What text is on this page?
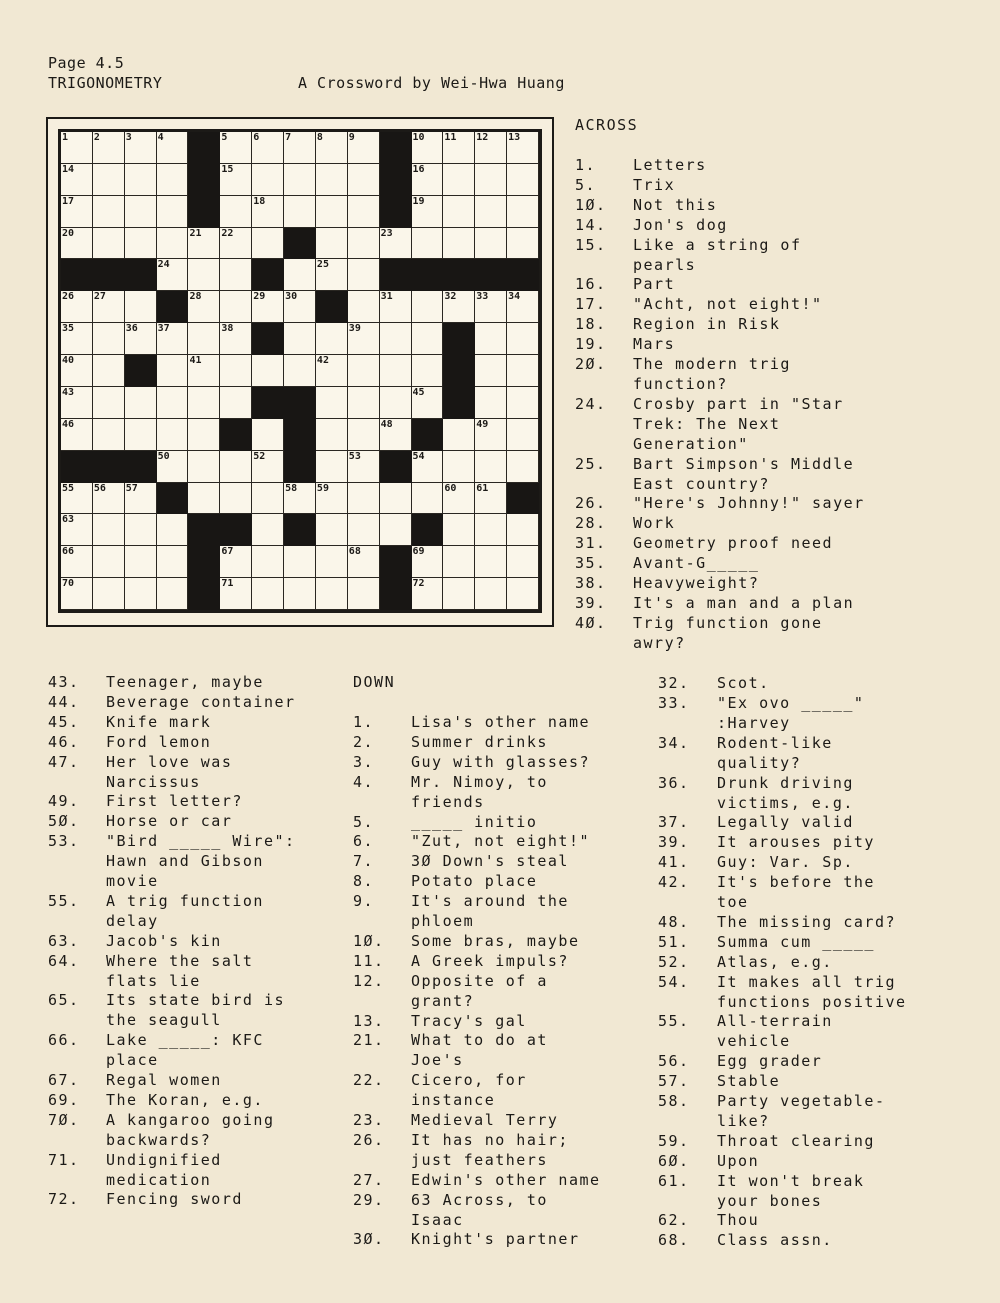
Page 4.5
TRIGONOMETRY	A Crossword by Wei-Hwa Huang
1	2	3	4	5	6	7	8	9	10 11 12 13
14	15	16
17	18	19
20	21 22	23
24	25
26 27	28	29 30	31	32 33 34
35	36 37	38	39
40	41	42
43	45
46	48	49
50	52	53	54
55 56 57	58 59	60 61
63
66	67	68	69
70	71	72
ACROSS
1. Letters
5. Trix
1Ø. Not this
14. Jon's dog
15. Like a string of
pearls
16. Part
17. "Acht, not eight!"
18. Region in Risk
19. Mars
2Ø. The modern trig
function?
24. Crosby part in "Star
Trek: The Next
Generation"
25. Bart Simpson's Middle
East country?
26. "Here's Johnny!" sayer
28. Work
31. Geometry proof need
35. Avant-G_____
38. Heavyweight?
39. It's a man and a plan
4Ø. Trig function gone
awry?
43. Teenager, maybe
44. Beverage container
45. Knife mark
46. Ford lemon
47. Her love was
Narcissus
49. First letter?
5Ø. Horse or car
53. "Bird _____ Wire":
Hawn and Gibson
movie
55. A trig function
delay
63. Jacob's kin
64. Where the salt
flats lie
65. Its state bird is
the seagull
66. Lake _____: KFC
place
67. Regal women
69. The Koran, e.g.
7Ø. A kangaroo going
backwards?
71. Undignified
medication
72. Fencing sword
DOWN
1. Lisa's other name
2. Summer drinks
3. Guy with glasses?
4. Mr. Nimoy, to
friends
5. _____ initio
6. "Zut, not eight!"
7. 3Ø Down's steal
8. Potato place
9. It's around the
phloem
1Ø. Some bras, maybe
11. A Greek impuls?
12. Opposite of a
grant?
13. Tracy's gal
21. What to do at
Joe's
22. Cicero, for
instance
23. Medieval Terry
26. It has no hair;
just feathers
27. Edwin's other name
29. 63 Across, to
Isaac
3Ø. Knight's partner
32. Scot.
33. "Ex ovo _____"
:Harvey
34. Rodent-like
quality?
36. Drunk driving
victims, e.g.
37. Legally valid
39. It arouses pity
41. Guy: Var. Sp.
42. It's before the
toe
48. The missing card?
51. Summa cum _____
52. Atlas, e.g.
54. It makes all trig
functions positive
55. All-terrain
vehicle
56. Egg grader
57. Stable
58. Party vegetable-
like?
59. Throat clearing
6Ø. Upon
61. It won't break
your bones
62. Thou
68. Class assn.
